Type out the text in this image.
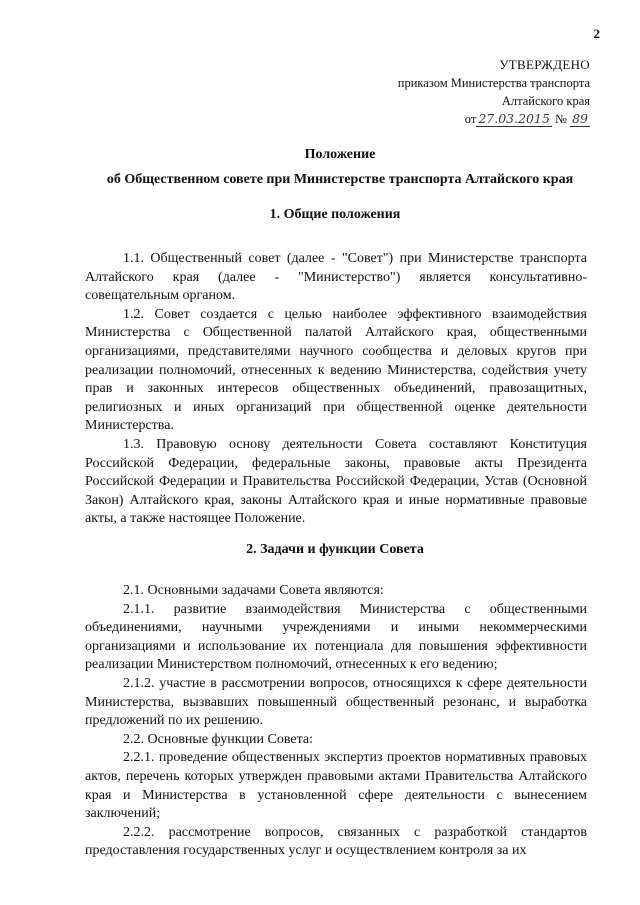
2
УТВЕРЖДЕНО
приказом Министерства транспорта
Алтайского края
от 27.03.2015 № 89
Положение
об Общественном совете при Министерстве транспорта Алтайского края
1. Общие положения

1.1. Общественный совет (далее - "Совет") при Министерстве транспорта Алтайского края (далее - "Министерство") является консультативно-совещательным органом.

1.2. Совет создается с целью наиболее эффективного взаимодействия Министерства с Общественной палатой Алтайского края, общественными организациями, представителями научного сообщества и деловых кругов при реализации полномочий, отнесенных к ведению Министерства, содействия учету прав и законных интересов общественных объединений, правозащитных, религиозных и иных организаций при общественной оценке деятельности Министерства.

1.3. Правовую основу деятельности Совета составляют Конституция Российской Федерации, федеральные законы, правовые акты Президента Российской Федерации и Правительства Российской Федерации, Устав (Основной Закон) Алтайского края, законы Алтайского края и иные нормативные правовые акты, а также настоящее Положение.

2. Задачи и функции Совета

2.1. Основными задачами Совета являются:

2.1.1. развитие взаимодействия Министерства с общественными объединениями, научными учреждениями и иными некоммерческими организациями и использование их потенциала для повышения эффективности реализации Министерством полномочий, отнесенных к его ведению;

2.1.2. участие в рассмотрении вопросов, относящихся к сфере деятельности Министерства, вызвавших повышенный общественный резонанс, и выработка предложений по их решению.

2.2. Основные функции Совета:

2.2.1. проведение общественных экспертиз проектов нормативных правовых актов, перечень которых утвержден правовыми актами Правительства Алтайского края и Министерства в установленной сфере деятельности с вынесением заключений;

2.2.2. рассмотрение вопросов, связанных с разработкой стандартов предоставления государственных услуг и осуществлением контроля за их
